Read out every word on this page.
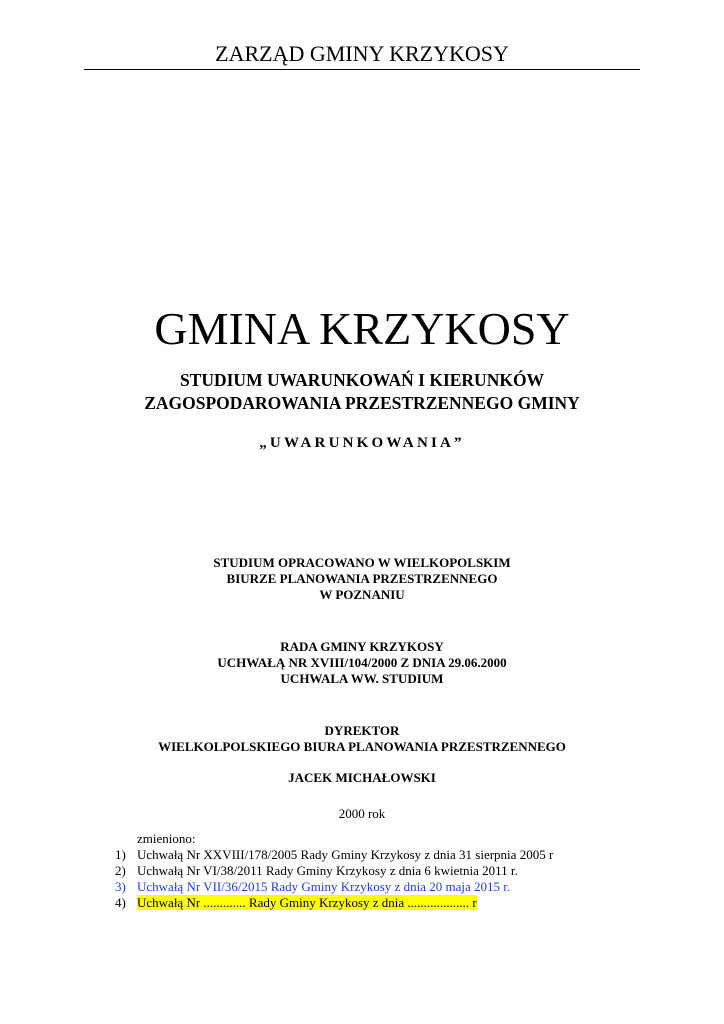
ZARZĄD GMINY KRZYKOSY
GMINA KRZYKOSY
STUDIUM UWARUNKOWAŃ I KIERUNKÓW
ZAGOSPODAROWANIA PRZESTRZENNEGO GMINY
„UWARUNKOWANIA”
STUDIUM OPRACOWANO W WIELKOPOLSKIM
BIURZE PLANOWANIA PRZESTRZENNEGO
W POZNANIU
RADA GMINY KRZYKOSY
UCHWAŁĄ NR XVIII/104/2000 Z DNIA 29.06.2000
UCHWALA WW. STUDIUM
DYREKTOR
WIELKOLPOLSKIEGO BIURA PLANOWANIA PRZESTRZENNEGO
JACEK MICHAŁOWSKI
2000 rok
zmieniono:
1) Uchwałą Nr XXVIII/178/2005 Rady Gminy Krzykosy z dnia 31 sierpnia 2005 r
2) Uchwałą Nr VI/38/2011 Rady Gminy Krzykosy z dnia 6 kwietnia 2011 r.
3) Uchwałą Nr VII/36/2015 Rady Gminy Krzykosy z dnia 20 maja 2015 r.
4) Uchwałą Nr ............. Rady Gminy Krzykosy z dnia ................... r
